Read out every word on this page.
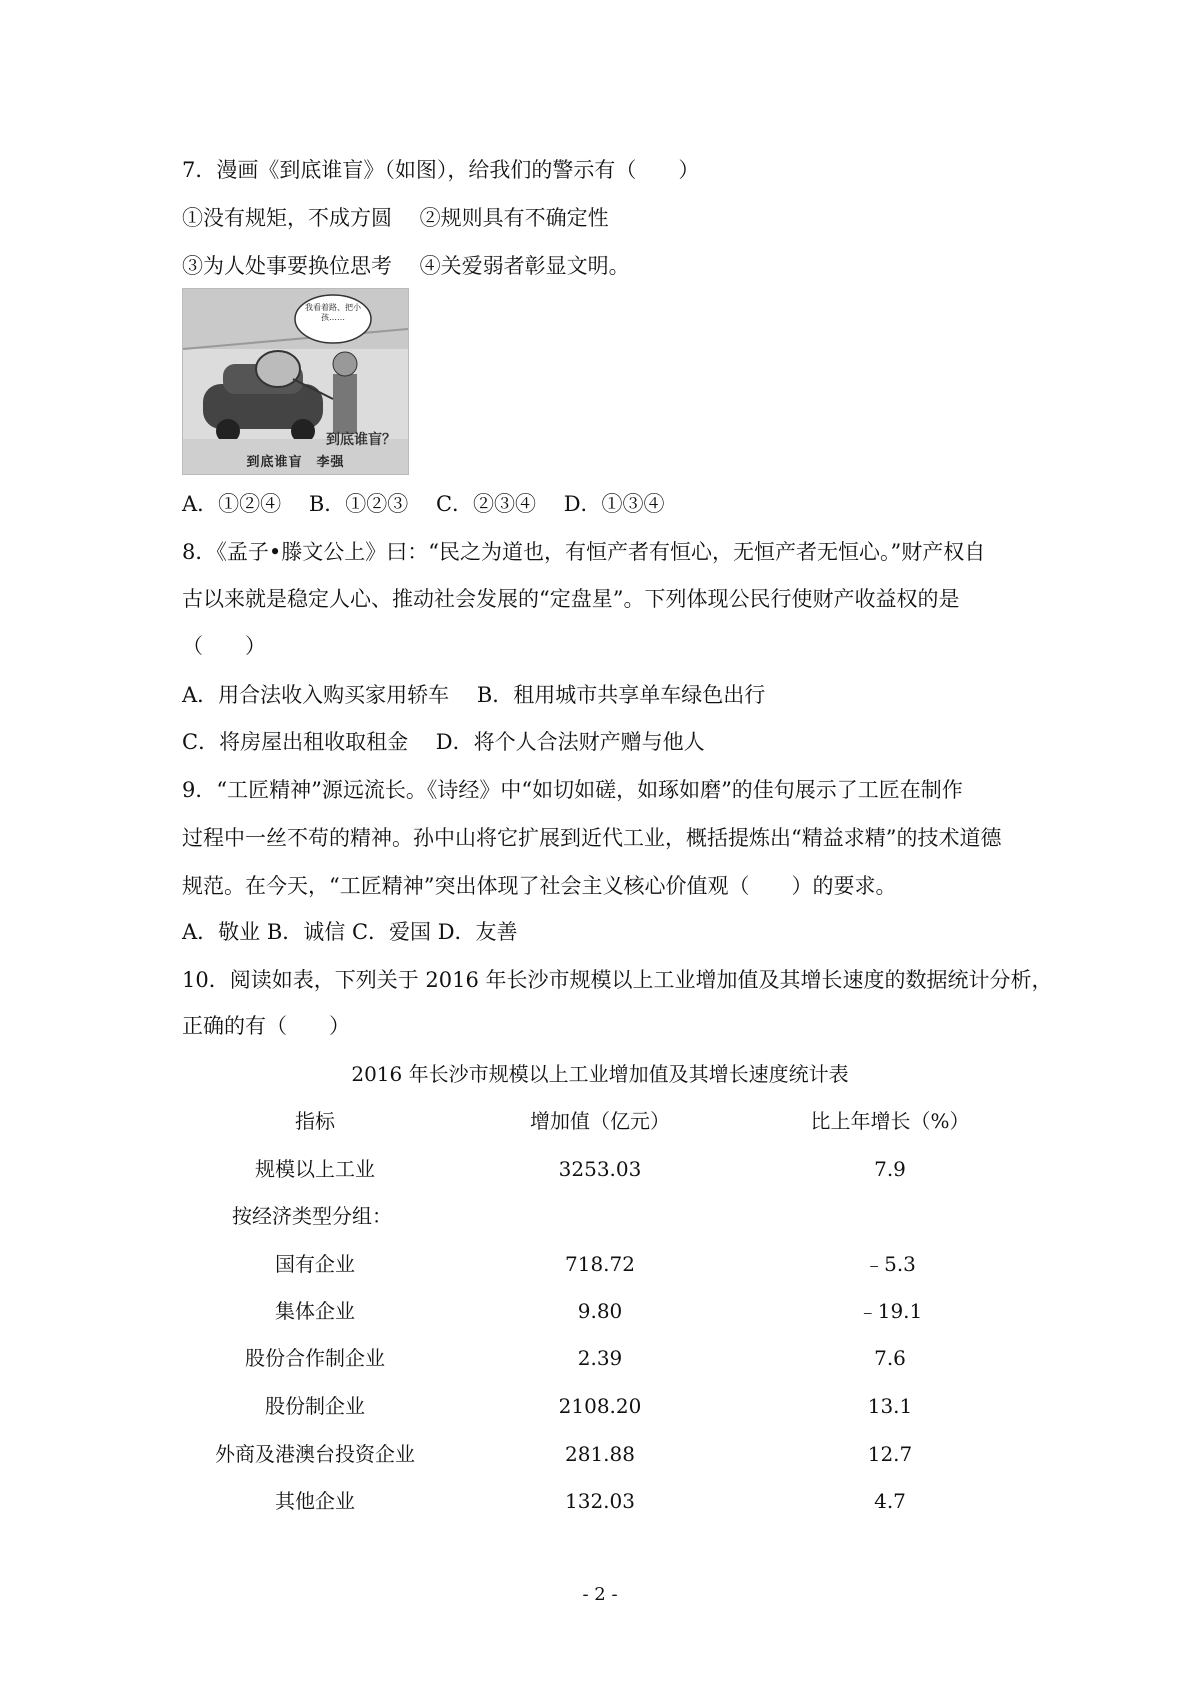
7．漫画《到底谁盲》（如图），给我们的警示有（　　）
①没有规矩，不成方圆　 ②规则具有不确定性
③为人处事要换位思考　 ④关爱弱者彰显文明。
我看着路、把小孩……
到底谁盲？
到底谁盲　李强
A．①②④　 B．①②③　 C．②③④　 D．①③④
8．《孟子•滕文公上》曰：“民之为道也，有恒产者有恒心，无恒产者无恒心。”财产权自
古以来就是稳定人心、推动社会发展的“定盘星”。下列体现公民行使财产收益权的是
（　　）
A．用合法收入购买家用轿车　 B．租用城市共享单车绿色出行
C．将房屋出租收取租金　 D．将个人合法财产赠与他人
9．“工匠精神”源远流长。《诗经》中“如切如磋，如琢如磨”的佳句展示了工匠在制作
过程中一丝不苟的精神。孙中山将它扩展到近代工业，概括提炼出“精益求精”的技术道德
规范。在今天，“工匠精神”突出体现了社会主义核心价值观（　　）的要求。
A．敬业 B．诚信 C．爱国 D．友善
10．阅读如表，下列关于 2016 年长沙市规模以上工业增加值及其增长速度的数据统计分析，
正确的有（　　）
2016 年长沙市规模以上工业增加值及其增长速度统计表
指标	增加值（亿元）	比上年增长（%）
规模以上工业	3253.03	7.9
按经济类型分组：
国有企业	718.72	﹣5.3
集体企业	9.80	﹣19.1
股份合作制企业	2.39	7.6
股份制企业	2108.20	13.1
外商及港澳台投资企业	281.88	12.7
其他企业	132.03	4.7
- 2 -
